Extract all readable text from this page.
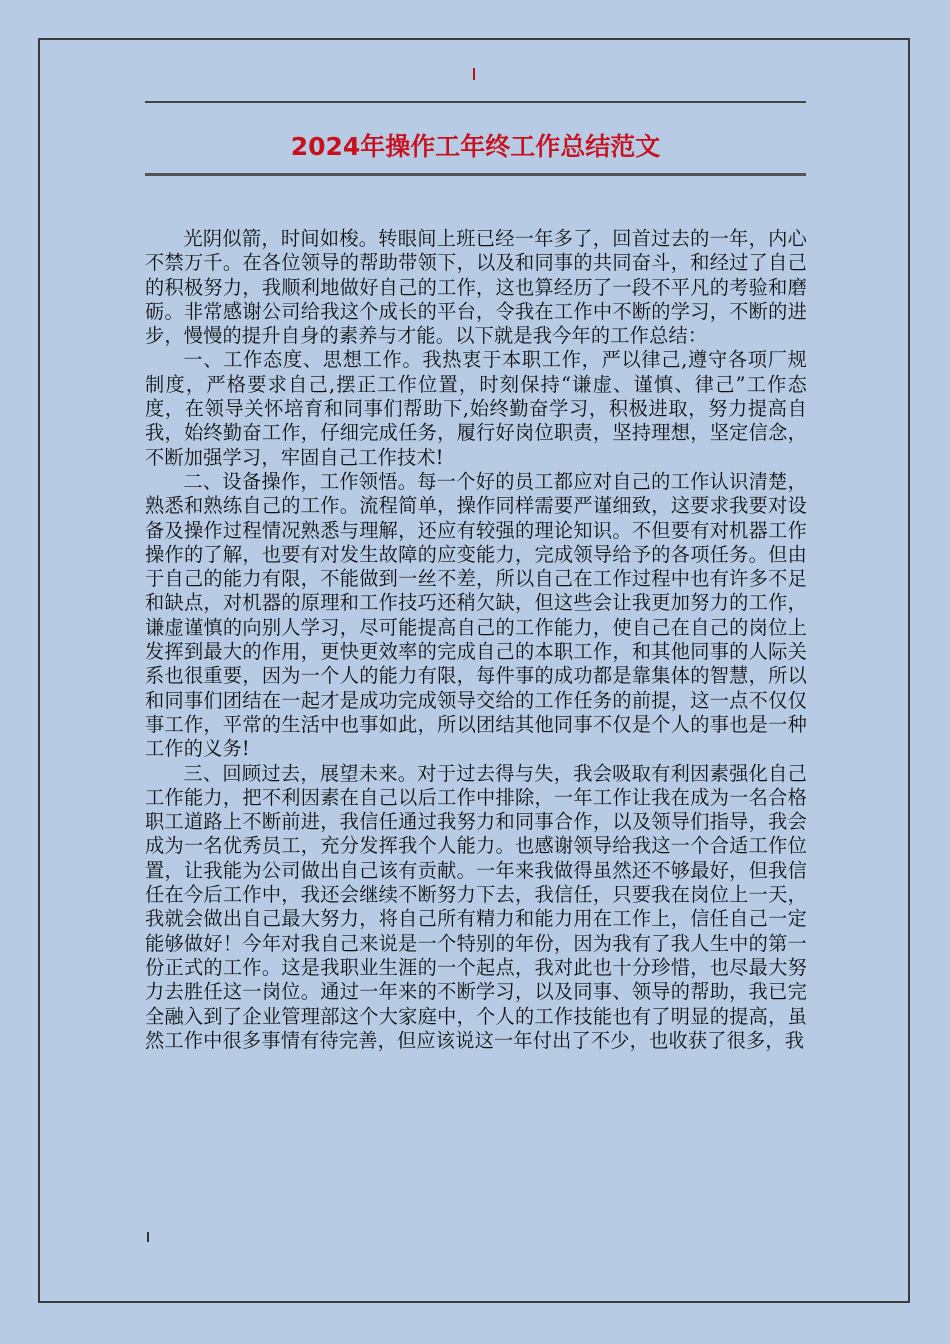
2024年操作工年终工作总结范文

光阴似箭，时间如梭。转眼间上班已经一年多了，回首过去的一年，内心不禁万千。在各位领导的帮助带领下，以及和同事的共同奋斗，和经过了自己的积极努力，我顺利地做好自己的工作，这也算经历了一段不平凡的考验和磨砺。非常感谢公司给我这个成长的平台，令我在工作中不断的学习，不断的进步，慢慢的提升自身的素养与才能。以下就是我今年的工作总结：

一、工作态度、思想工作。我热衷于本职工作，严以律己,遵守各项厂规制度，严格要求自己,摆正工作位置，时刻保持“谦虚、谨慎、律己”工作态度，在领导关怀培育和同事们帮助下,始终勤奋学习，积极进取，努力提高自我，始终勤奋工作，仔细完成任务，履行好岗位职责，坚持理想，坚定信念，不断加强学习，牢固自己工作技术!

二、设备操作，工作领悟。每一个好的员工都应对自己的工作认识清楚，熟悉和熟练自己的工作。流程简单，操作同样需要严谨细致，这要求我要对设备及操作过程情况熟悉与理解，还应有较强的理论知识。不但要有对机器工作操作的了解，也要有对发生故障的应变能力，完成领导给予的各项任务。但由于自己的能力有限，不能做到一丝不差，所以自己在工作过程中也有许多不足和缺点，对机器的原理和工作技巧还稍欠缺，但这些会让我更加努力的工作，谦虚谨慎的向别人学习，尽可能提高自己的工作能力，使自己在自己的岗位上发挥到最大的作用，更快更效率的完成自己的本职工作，和其他同事的人际关系也很重要，因为一个人的能力有限，每件事的成功都是靠集体的智慧，所以和同事们团结在一起才是成功完成领导交给的工作任务的前提，这一点不仅仅事工作，平常的生活中也事如此，所以团结其他同事不仅是个人的事也是一种工作的义务!

三、回顾过去，展望未来。对于过去得与失，我会吸取有利因素强化自己工作能力，把不利因素在自己以后工作中排除，一年工作让我在成为一名合格职工道路上不断前进，我信任通过我努力和同事合作，以及领导们指导，我会成为一名优秀员工，充分发挥我个人能力。也感谢领导给我这一个合适工作位置，让我能为公司做出自己该有贡献。一年来我做得虽然还不够最好，但我信任在今后工作中，我还会继续不断努力下去，我信任，只要我在岗位上一天，我就会做出自己最大努力，将自己所有精力和能力用在工作上，信任自己一定能够做好！今年对我自己来说是一个特别的年份，因为我有了我人生中的第一份正式的工作。这是我职业生涯的一个起点，我对此也十分珍惜，也尽最大努力去胜任这一岗位。通过一年来的不断学习，以及同事、领导的帮助，我已完全融入到了企业管理部这个大家庭中，个人的工作技能也有了明显的提高，虽然工作中很多事情有待完善，但应该说这一年付出了不少，也收获了很多，我
